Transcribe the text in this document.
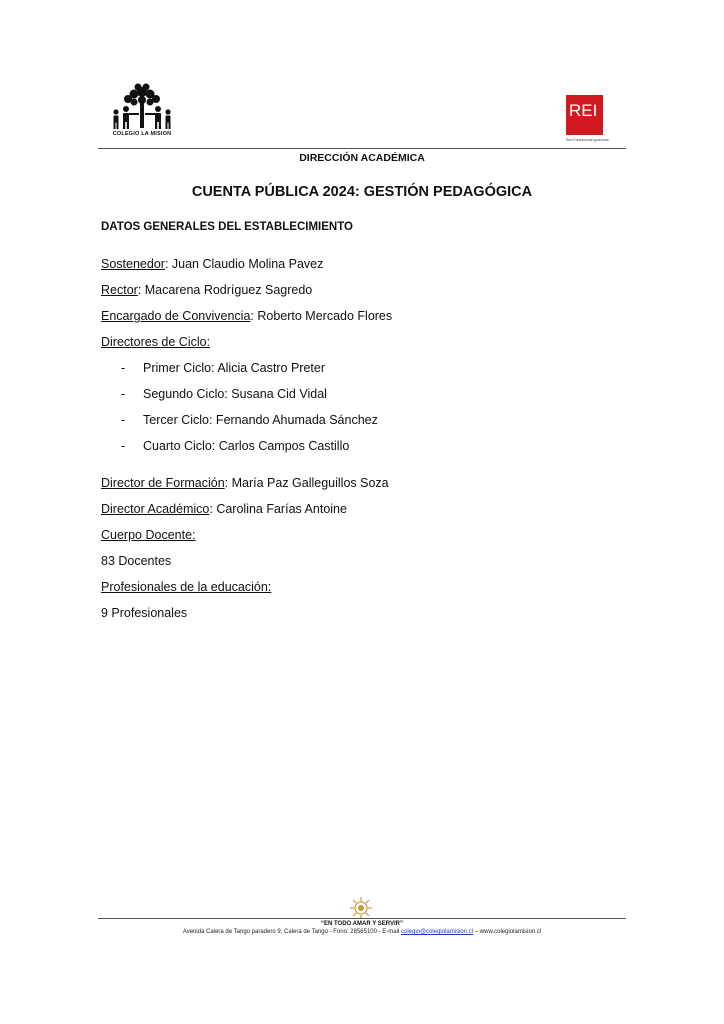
COLEGIO LA MISION
REI
Red Educacional Ignaciana
DIRECCIÓN ACADÉMICA
CUENTA PÚBLICA 2024: GESTIÓN PEDAGÓGICA
DATOS GENERALES DEL ESTABLECIMIENTO
Sostenedor: Juan Claudio Molina Pavez
Rector: Macarena Rodríguez Sagredo
Encargado de Convivencia: Roberto Mercado Flores
Directores de Ciclo:
- Primer Ciclo: Alicia Castro Preter
- Segundo Ciclo: Susana Cid Vidal
- Tercer Ciclo: Fernando Ahumada Sánchez
- Cuarto Ciclo: Carlos Campos Castillo
Director de Formación: María Paz Galleguillos Soza
Director Académico: Carolina Farías Antoine
Cuerpo Docente:
83 Docentes
Profesionales de la educación:
9 Profesionales
“EN TODO AMAR Y SERVIR”
Avenida Calera de Tango paradero 9, Calera de Tango - Fono: 28565100 - E-mail colegio@colegiolamision.cl – www.colegiolamision.cl
